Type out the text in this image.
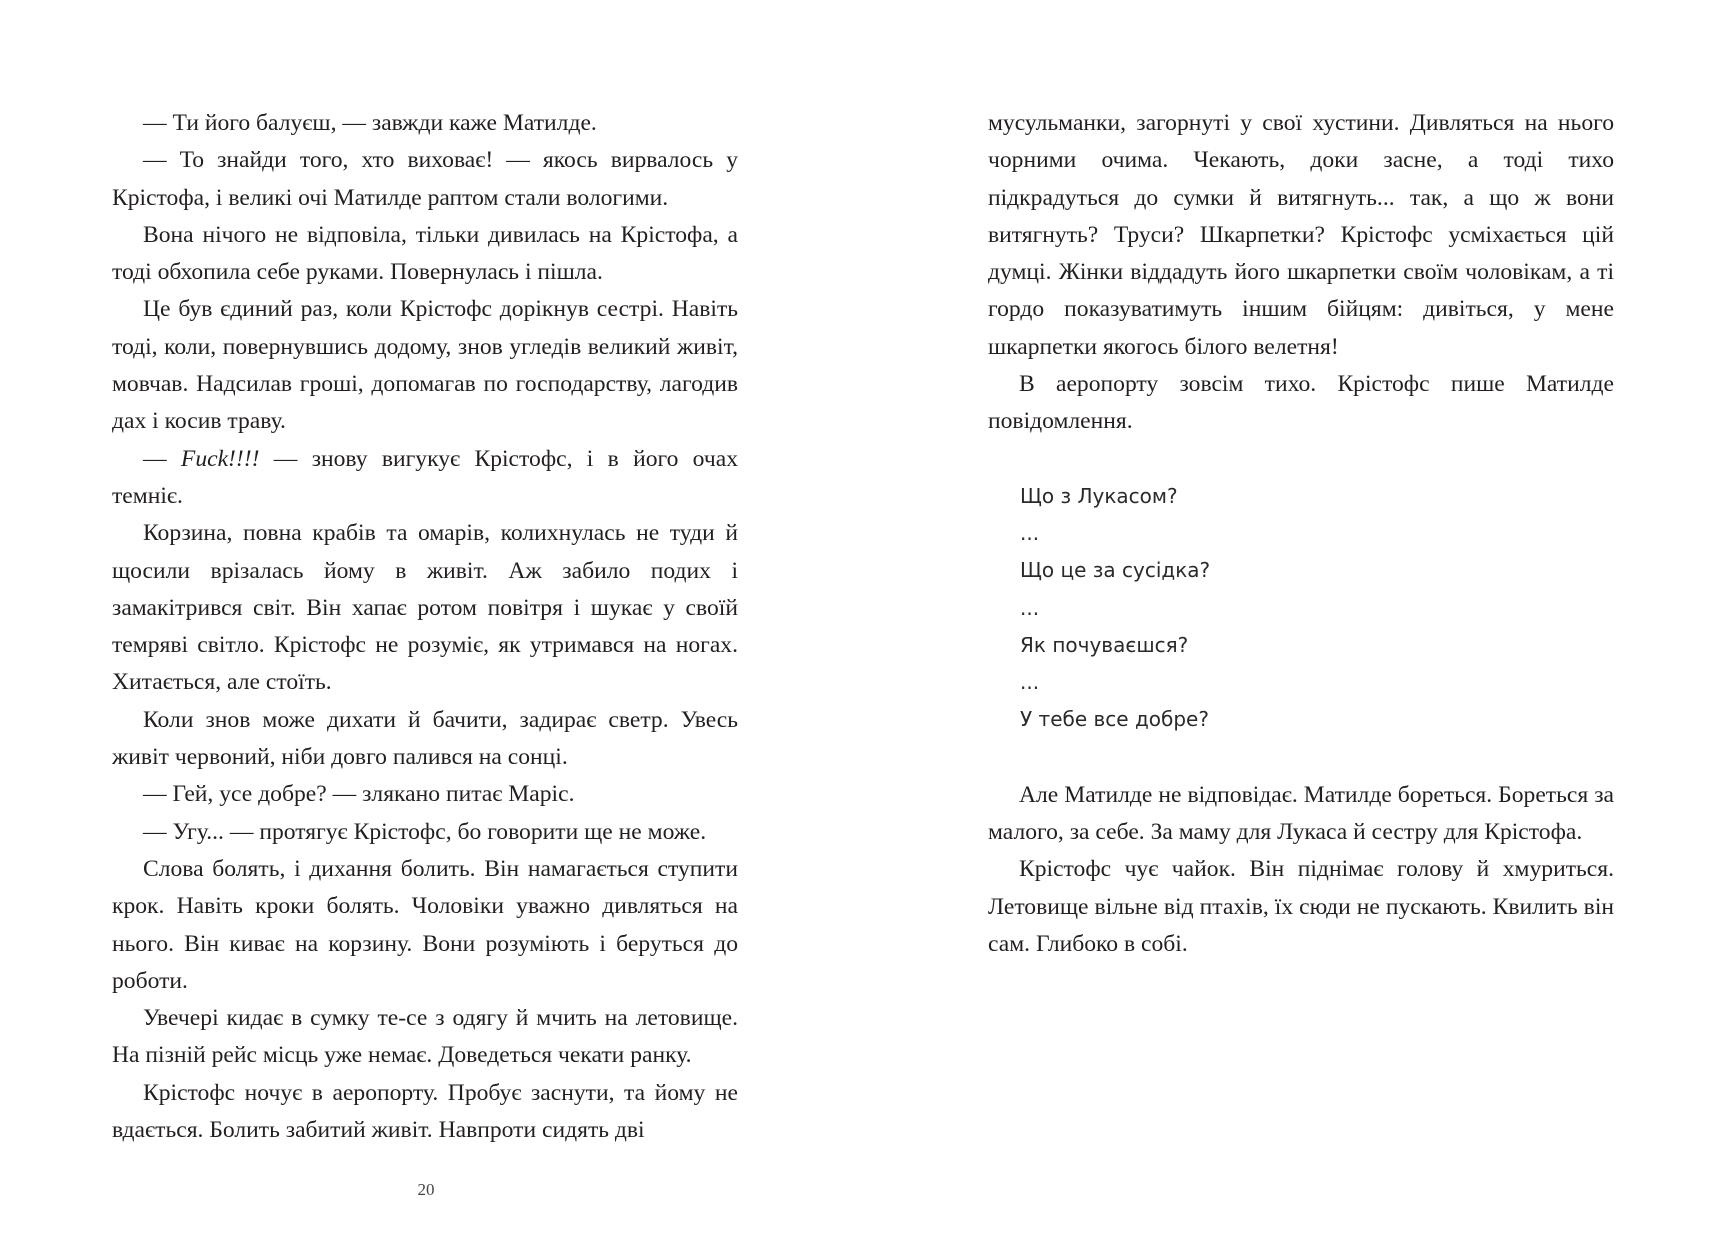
— Ти його балуєш, — завжди каже Матилде.

— То знайди того, хто виховає! — якось вирвалось у Крістофа, і великі очі Матилде раптом стали вологими.

Вона нічого не відповіла, тільки дивилась на Крістофа, а тоді обхопила себе руками. Повернулась і пішла.

Це був єдиний раз, коли Крістофс дорікнув сестрі. Навіть тоді, коли, повернувшись додому, знов угледів великий живіт, мовчав. Надсилав гроші, допомагав по господарству, лагодив дах і косив траву.

— Fuck!!!! — знову вигукує Крістофс, і в його очах темніє.

Корзина, повна крабів та омарів, колихнулась не туди й щосили врізалась йому в живіт. Аж забило подих і замакітрився світ. Він хапає ротом повітря і шукає у своїй темряві світло. Крістофс не розуміє, як утримався на ногах. Хитається, але стоїть.

Коли знов може дихати й бачити, задирає светр. Увесь живіт червоний, ніби довго палився на сонці.

— Гей, усе добре? — злякано питає Маріс.

— Угу... — протягує Крістофс, бо говорити ще не може.

Слова болять, і дихання болить. Він намагається ступити крок. Навіть кроки болять. Чоловіки уважно дивляться на нього. Він киває на корзину. Вони розуміють і беруться до роботи.

Увечері кидає в сумку те-се з одягу й мчить на летовище. На пізній рейс місць уже немає. Доведеться чекати ранку.

Крістофс ночує в аеропорту. Пробує заснути, та йому не вдається. Болить забитий живіт. Навпроти сидять дві

20

мусульманки, загорнуті у свої хустини. Дивляться на нього чорними очима. Чекають, доки засне, а тоді тихо підкрадуться до сумки й витягнуть... так, а що ж вони витягнуть? Труси? Шкарпетки? Крістофс усміхається цій думці. Жінки віддадуть його шкарпетки своїм чоловікам, а ті гордо показуватимуть іншим бійцям: дивіться, у мене шкарпетки якогось білого велетня!

В аеропорту зовсім тихо. Крістофс пише Матилде повідомлення.

Що з Лукасом?

...

Що це за сусідка?

...

Як почуваєшся?

...

У тебе все добре?

Але Матилде не відповідає. Матилде бореться. Бореться за малого, за себе. За маму для Лукаса й сестру для Крістофа.

Крістофс чує чайок. Він піднімає голову й хмуриться. Летовище вільне від птахів, їх сюди не пускають. Квилить він сам. Глибоко в собі.
